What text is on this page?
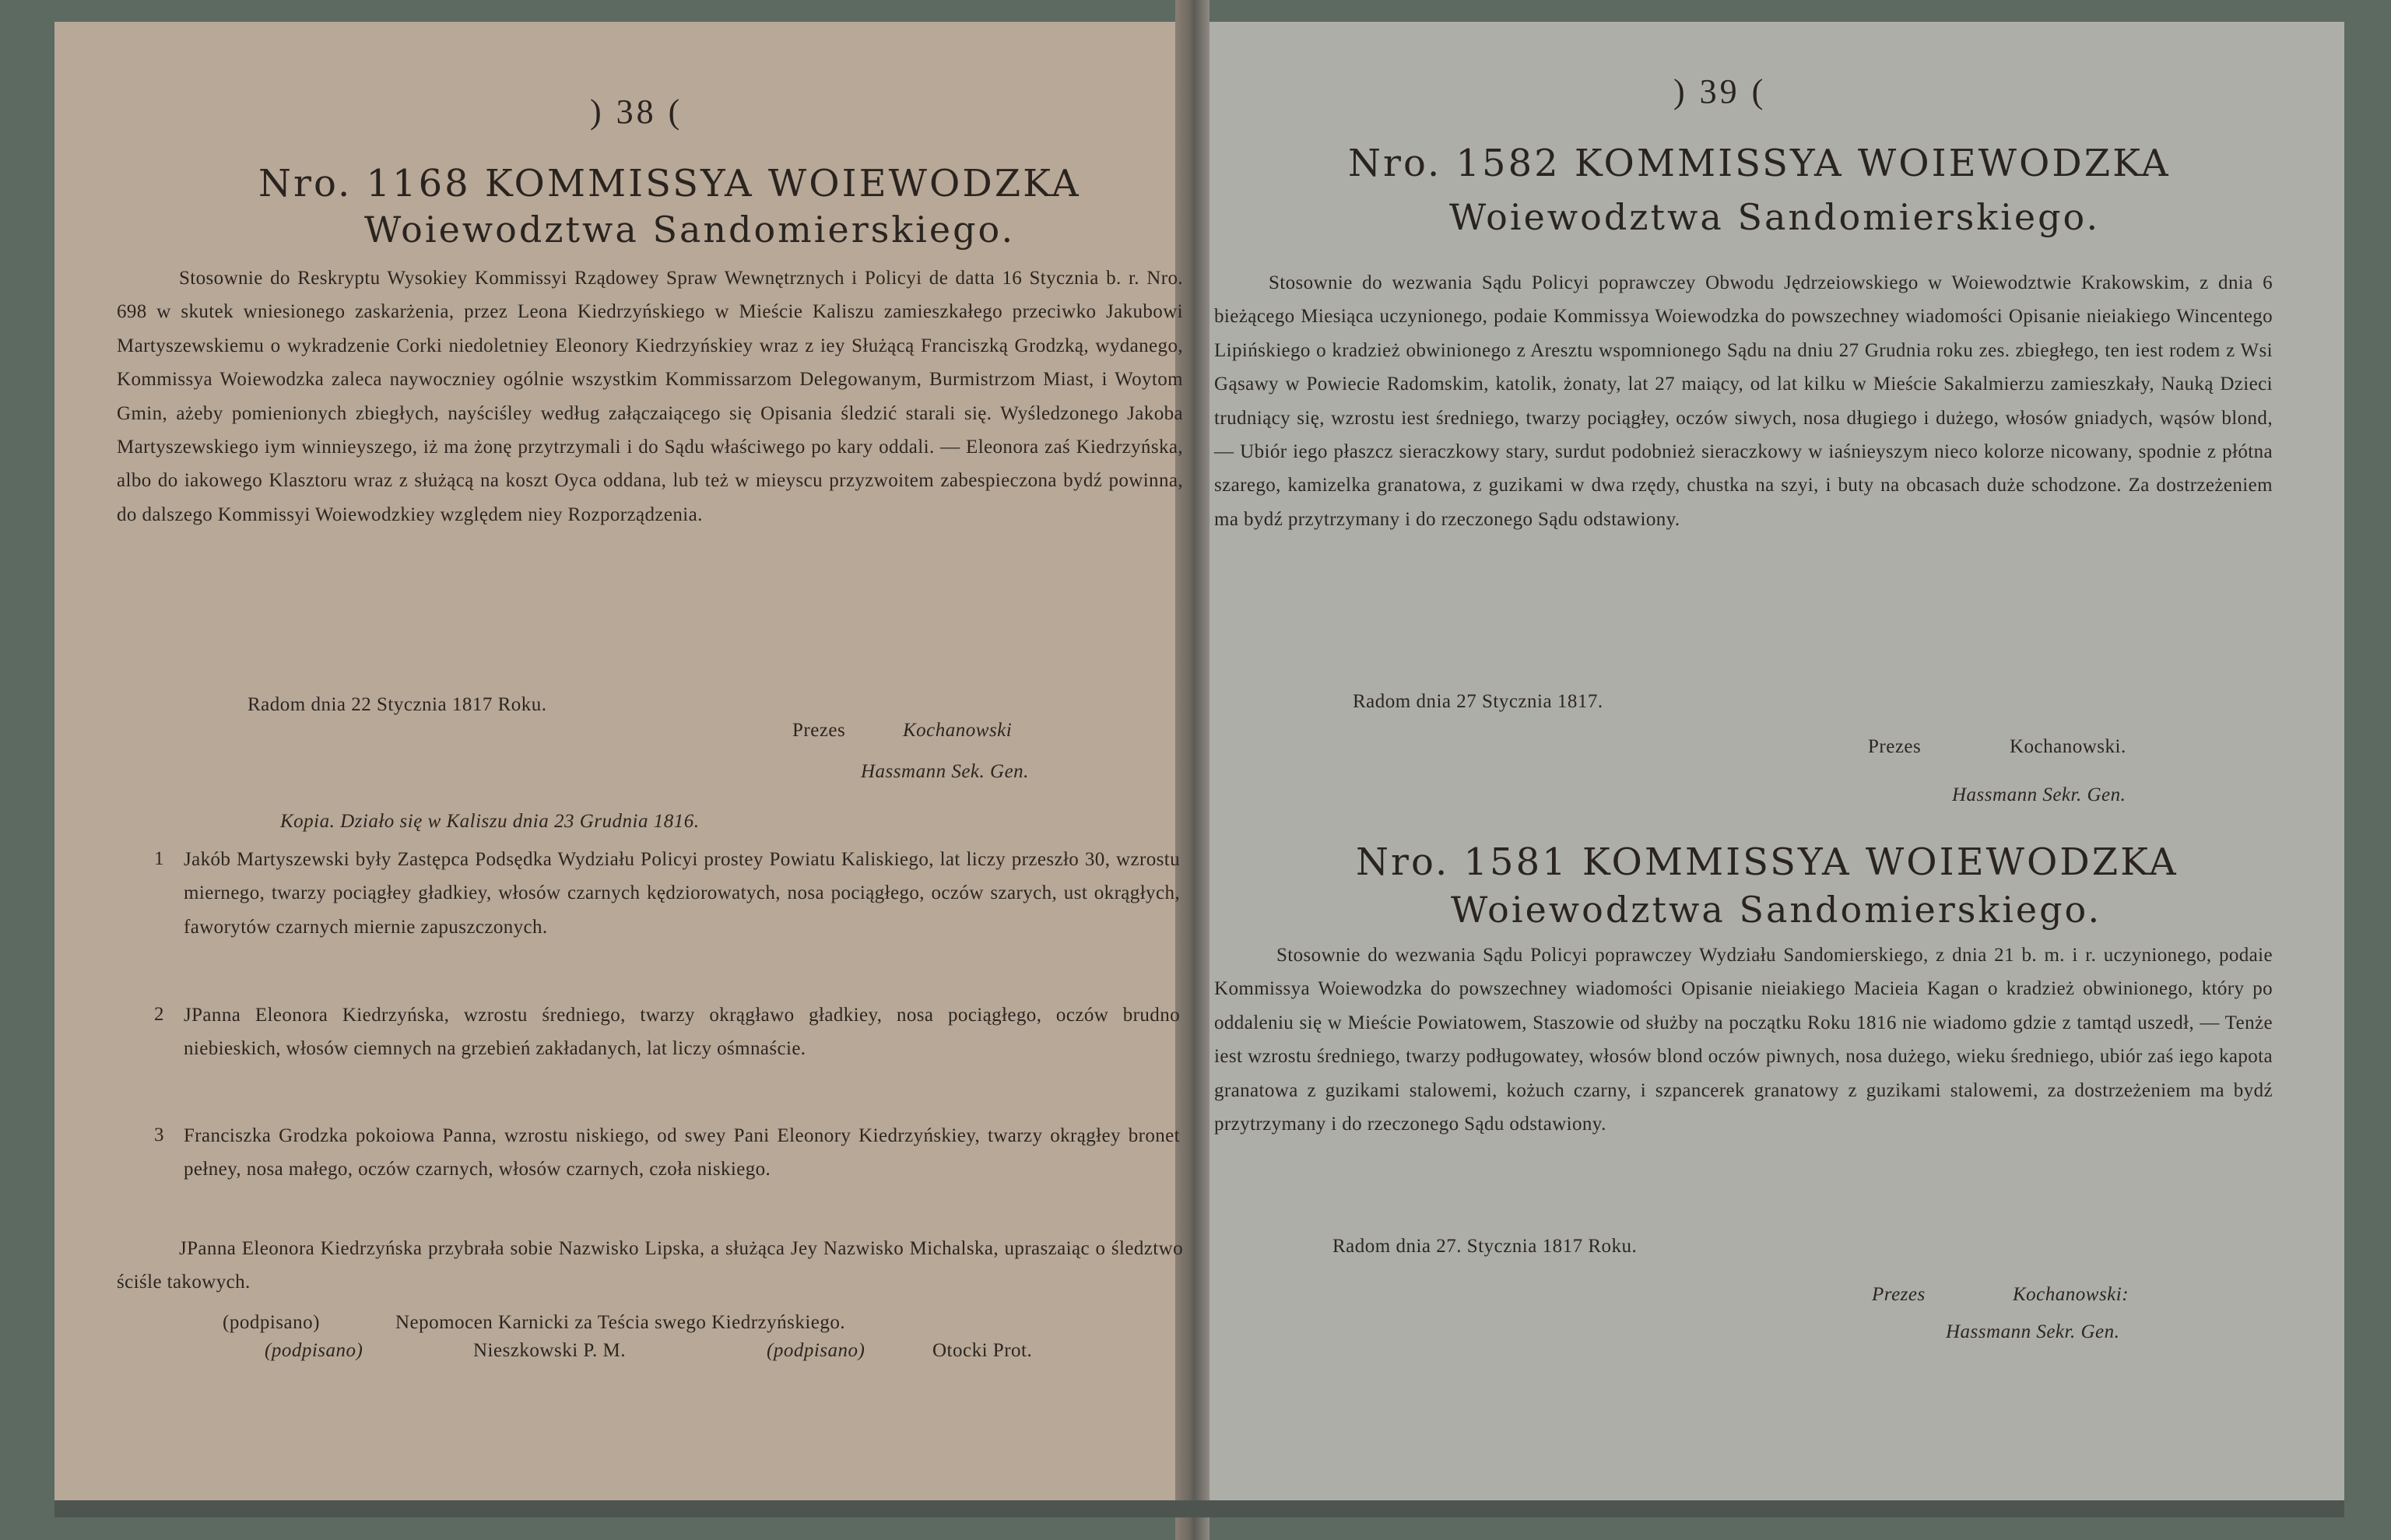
) 38 (
Nro. 1168 KOMMISSYA WOIEWODZKA
Woiewodztwa Sandomierskiego.

Stosownie do Reskryptu Wysokiey Kommissyi Rządowey Spraw Wewnętrznych i Policyi de datta 16 Stycznia b. r. Nro. 698 w skutek wniesionego zaskarżenia, przez Leona Kiedrzyńskiego w Mieście Kaliszu zamieszkałego przeciwko Jakubowi Martyszewskiemu o wykradzenie Corki niedoletniey Eleonory Kiedrzyńskiey wraz z iey Służącą Franciszką Grodzką, wydanego, Kommissya Woiewodzka zaleca naywoczniey ogólnie wszystkim Kommissarzom Delegowanym, Burmistrzom Miast, i Woytom Gmin, ażeby pomienionych zbiegłych, nayściśley według załączaiącego się Opisania śledzić starali się. Wyśledzonego Jakoba Martyszewskiego iym winnieyszego, iż ma żonę przytrzymali i do Sądu właściwego po kary oddali. — Eleonora zaś Kiedrzyńska, albo do iakowego Klasztoru wraz z służącą na koszt Oyca oddana, lub też w mieyscu przyzwoitem zabespieczona bydź powinna, do dalszego Kommissyi Woiewodzkiey względem niey Rozporządzenia.

Radom dnia 22 Stycznia 1817 Roku.
Prezes	Kochanowski
Hassmann Sek. Gen.
Kopia. Działo się w Kaliszu dnia 23 Grudnia 1816.
1 Jakób Martyszewski były Zastępca Podsędka Wydziału Policyi prostey Powiatu Kaliskiego, lat liczy przeszło 30, wzrostu miernego, twarzy pociągłey gładkiey, włosów czarnych kędziorowatych, nosa pociągłego, oczów szarych, ust okrągłych, faworytów czarnych miernie zapuszczonych.

2 JPanna Eleonora Kiedrzyńska, wzrostu średniego, twarzy okrągławo gładkiey, nosa pociągłego, oczów brudno niebieskich, włosów ciemnych na grzebień zakładanych, lat liczy ośmnaście.

3 Franciszka Grodzka pokoiowa Panna, wzrostu niskiego, od swey Pani Eleonory Kiedrzyńskiey, twarzy okrągłey bronet pełney, nosa małego, oczów czarnych, włosów czarnych, czoła niskiego.

JPanna Eleonora Kiedrzyńska przybrała sobie Nazwisko Lipska, a służąca Jey Nazwisko Michalska, upraszaiąc o śledztwo ściśle takowych.

(podpisano)	Nepomocen Karnicki za Teścia swego Kiedrzyńskiego.
(podpisano)	Nieszkowski P. M.	(podpisano)	Otocki Prot.
) 39 (
Nro. 1582 KOMMISSYA WOIEWODZKA
Woiewodztwa Sandomierskiego.

Stosownie do wezwania Sądu Policyi poprawczey Obwodu Jędrzeiowskiego w Woiewodztwie Krakowskim, z dnia 6 bieżącego Miesiąca uczynionego, podaie Kommissya Woiewodzka do powszechney wiadomości Opisanie nieiakiego Wincentego Lipińskiego o kradzież obwinionego z Aresztu wspomnionego Sądu na dniu 27 Grudnia roku zes. zbiegłego, ten iest rodem z Wsi Gąsawy w Powiecie Radomskim, katolik, żonaty, lat 27 maiący, od lat kilku w Mieście Sakalmierzu zamieszkały, Nauką Dzieci trudniący się, wzrostu iest średniego, twarzy pociągłey, oczów siwych, nosa długiego i dużego, włosów gniadych, wąsów blond, — Ubiór iego płaszcz sieraczkowy stary, surdut podobnież sieraczkowy w iaśnieyszym nieco kolorze nicowany, spodnie z płótna szarego, kamizelka granatowa, z guzikami w dwa rzędy, chustka na szyi, i buty na obcasach duże schodzone. Za dostrzeżeniem ma bydź przytrzymany i do rzeczonego Sądu odstawiony.

Radom dnia 27 Stycznia 1817.
Prezes	Kochanowski.
Hassmann Sekr. Gen.
Nro. 1581 KOMMISSYA WOIEWODZKA
Woiewodztwa Sandomierskiego.

Stosownie do wezwania Sądu Policyi poprawczey Wydziału Sandomierskiego, z dnia 21 b. m. i r. uczynionego, podaie Kommissya Woiewodzka do powszechney wiadomości Opisanie nieiakiego Macieia Kagan o kradzież obwinionego, który po oddaleniu się w Mieście Powiatowem, Staszowie od służby na początku Roku 1816 nie wiadomo gdzie z tamtąd uszedł, — Tenże iest wzrostu średniego, twarzy podługowatey, włosów blond oczów piwnych, nosa dużego, wieku średniego, ubiór zaś iego kapota granatowa z guzikami stalowemi, kożuch czarny, i szpancerek granatowy z guzikami stalowemi, za dostrzeżeniem ma bydź przytrzymany i do rzeczonego Sądu odstawiony.

Radom dnia 27. Stycznia 1817 Roku.
Prezes	Kochanowski:
Hassmann Sekr. Gen.
